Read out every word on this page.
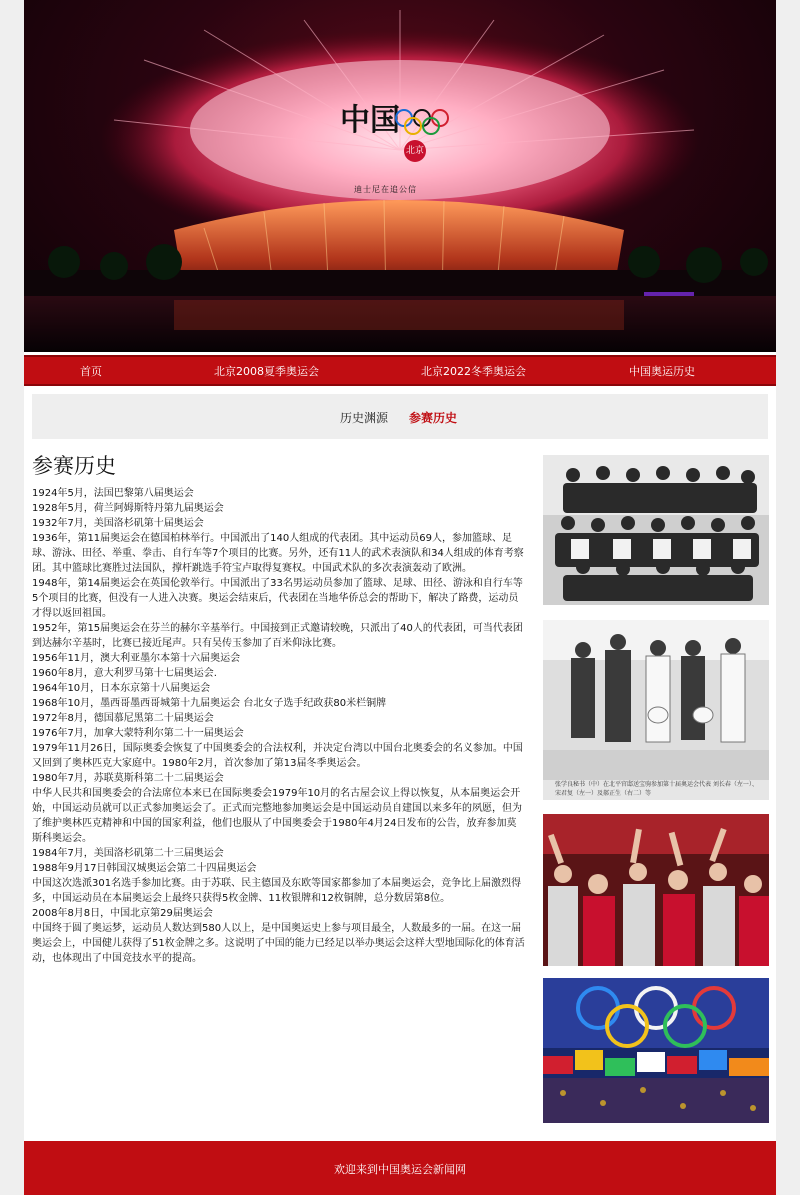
中国
北京
迪士尼在追公信
首页	北京2008夏季奥运会	北京2022冬季奥运会	中国奥运历史
历史渊源 参赛历史
参赛历史

1924年5月，法国巴黎第八届奥运会

1928年5月，荷兰阿姆斯特丹第九届奥运会

1932年7月，美国洛杉矶第十届奥运会

1936年，第11届奥运会在德国柏林举行。中国派出了140人组成的代表团。其中运动员69人，参加篮球、足球、游泳、田径、举重、拳击、自行车等7个项目的比赛。另外，还有11人的武术表演队和34人组成的体育考察团。其中篮球比赛胜过法国队，撑杆跳选手符宝卢取得复赛权。中国武术队的多次表演轰动了欧洲。

1948年，第14届奥运会在英国伦敦举行。中国派出了33名男运动员参加了篮球、足球、田径、游泳和自行车等5个项目的比赛，但没有一人进入决赛。奥运会结束后，代表团在当地华侨总会的帮助下，解决了路费，运动员才得以返回祖国。

1952年，第15届奥运会在芬兰的赫尔辛基举行。中国接到正式邀请较晚，只派出了40人的代表团，可当代表团到达赫尔辛基时，比赛已接近尾声。只有吴传玉参加了百米仰泳比赛。

1956年11月，澳大利亚墨尔本第十六届奥运会

1960年8月，意大利罗马第十七届奥运会.

1964年10月，日本东京第十八届奥运会

1968年10月，墨西哥墨西哥城第十九届奥运会 台北女子选手纪政获80米栏铜牌

1972年8月，德国慕尼黑第二十届奥运会

1976年7月，加拿大蒙特利尔第二十一届奥运会

1979年11月26日，国际奥委会恢复了中国奥委会的合法权利，并决定台湾以中国台北奥委会的名义参加。中国又回到了奥林匹克大家庭中。1980年2月，首次参加了第13届冬季奥运会。

1980年7月，苏联莫斯科第二十二届奥运会

中华人民共和国奥委会的合法席位本来已在国际奥委会1979年10月的名古屋会议上得以恢复，从本届奥运会开始，中国运动员就可以正式参加奥运会了。正式而完整地参加奥运会是中国运动员自建国以来多年的夙愿，但为了维护奥林匹克精神和中国的国家利益，他们也服从了中国奥委会于1980年4月24日发布的公告，放弃参加莫斯科奥运会。

1984年7月，美国洛杉矶第二十三届奥运会

1988年9月17日韩国汉城奥运会第二十四届奥运会

中国这次选派301名选手参加比赛。由于苏联、民主德国及东欧等国家都参加了本届奥运会，竞争比上届激烈得多，中国运动员在本届奥运会上最终只获得5枚金牌、11枚银牌和12枚铜牌，总分数居第8位。

2008年8月8日，中国北京第29届奥运会

中国终于圆了奥运梦，运动员人数达到580人以上，是中国奥运史上参与项目最全，人数最多的一届。在这一届奥运会上，中国健儿获得了51枚金牌之多。这说明了中国的能力已经足以举办奥运会这样大型地国际化的体育活动，也体现出了中国竞技水平的提高。

张学良秘书（中）在北平官邸送宝驹参加第十届奥运会代表 刘长春（左一）、宋君复（左一）及郝正生（右二）等
欢迎来到中国奥运会新闻网
